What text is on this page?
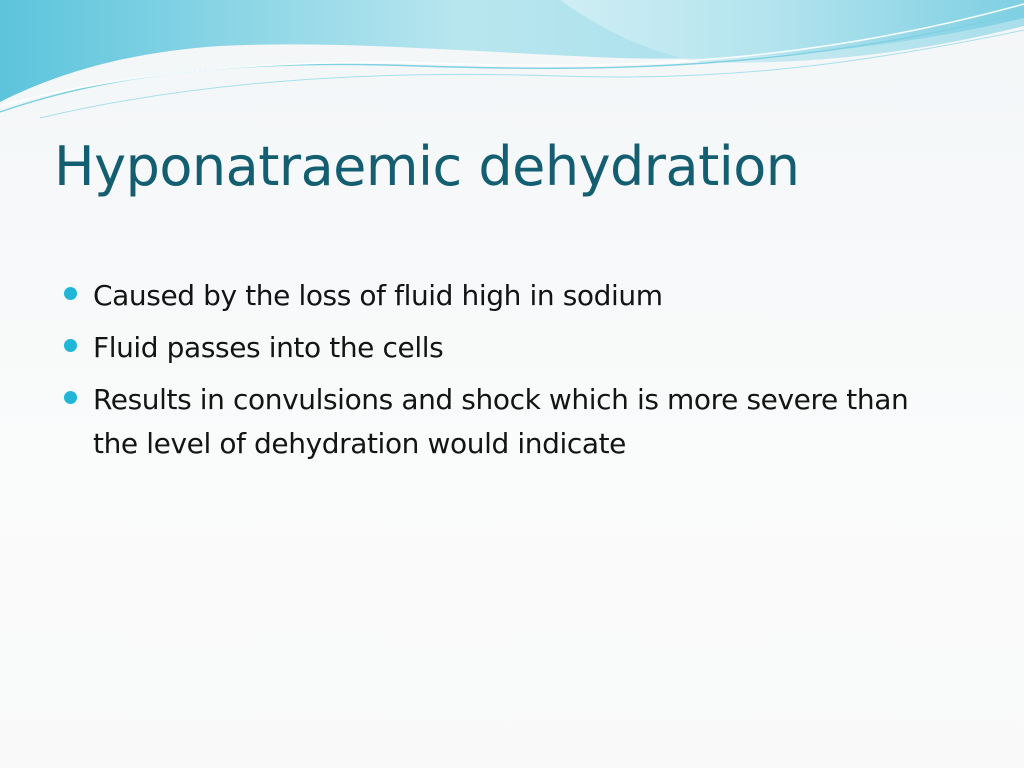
Hyponatraemic dehydration
Caused by the loss of fluid high in sodium
Fluid passes into the cells
Results in convulsions and shock which is more severe than the level of dehydration would indicate
